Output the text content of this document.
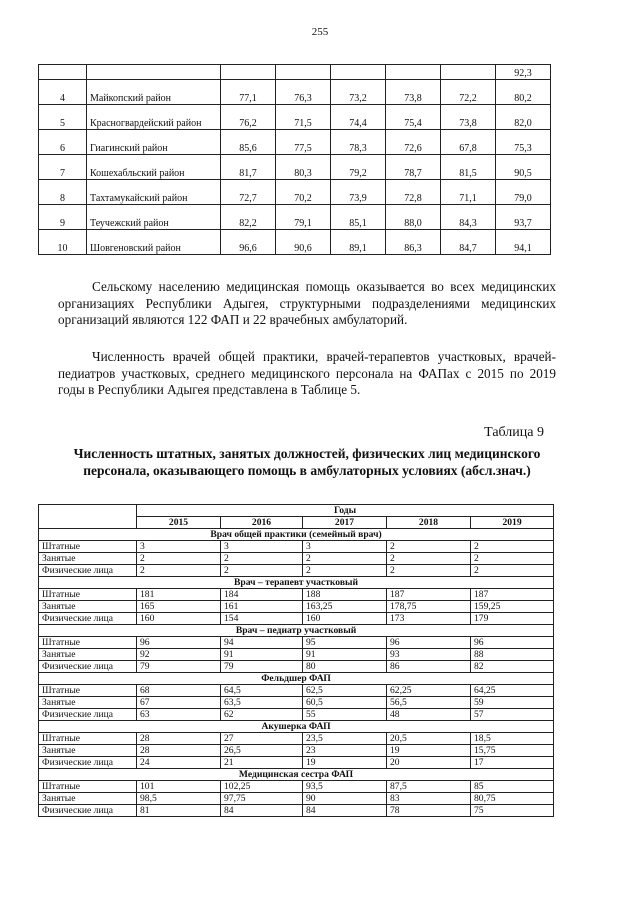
255
							92,3
4	Майкопский район	77,1	76,3	73,2	73,8	72,2	80,2
5	Красногвардейский район	76,2	71,5	74,4	75,4	73,8	82,0
6	Гиагинский район	85,6	77,5	78,3	72,6	67,8	75,3
7	Кошехабльский район	81,7	80,3	79,2	78,7	81,5	90,5
8	Тахтамукайский район	72,7	70,2	73,9	72,8	71,1	79,0
9	Теучежский район	82,2	79,1	85,1	88,0	84,3	93,7
10	Шовгеновский район	96,6	90,6	89,1	86,3	84,7	94,1
Сельскому населению медицинская помощь оказывается во всех медицинских организациях Республики Адыгея, структурными подразделениями медицинских организаций являются 122 ФАП и 22 врачебных амбулаторий.
Численность врачей общей практики, врачей-терапевтов участковых, врачей-педиатров участковых, среднего медицинского персонала на ФАПах с 2015 по 2019 годы в Республики Адыгея представлена в Таблице 5.
Таблица 9
Численность штатных, занятых должностей, физических лиц медицинского персонала, оказывающего помощь в амбулаторных условиях (абсл.знач.)
	Годы				
	2015	2016	2017	2018	2019
Врач общей практики (семейный врач)					
Штатные	3	3	3	2	2
Занятые	2	2	2	2	2
Физические лица	2	2	2	2	2
Врач – терапевт участковый					
Штатные	181	184	188	187	187
Занятые	165	161	163,25	178,75	159,25
Физические лица	160	154	160	173	179
Врач – педиатр участковый					
Штатные	96	94	95	96	96
Занятые	92	91	91	93	88
Физические лица	79	79	80	86	82
Фельдшер ФАП					
Штатные	68	64,5	62,5	62,25	64,25
Занятые	67	63,5	60,5	56,5	59
Физические лица	63	62	55	48	57
Акушерка ФАП					
Штатные	28	27	23,5	20,5	18,5
Занятые	28	26,5	23	19	15,75
Физические лица	24	21	19	20	17
Медицинская сестра ФАП					
Штатные	101	102,25	93,5	87,5	85
Занятые	98,5	97,75	90	83	80,75
Физические лица	81	84	84	78	75
